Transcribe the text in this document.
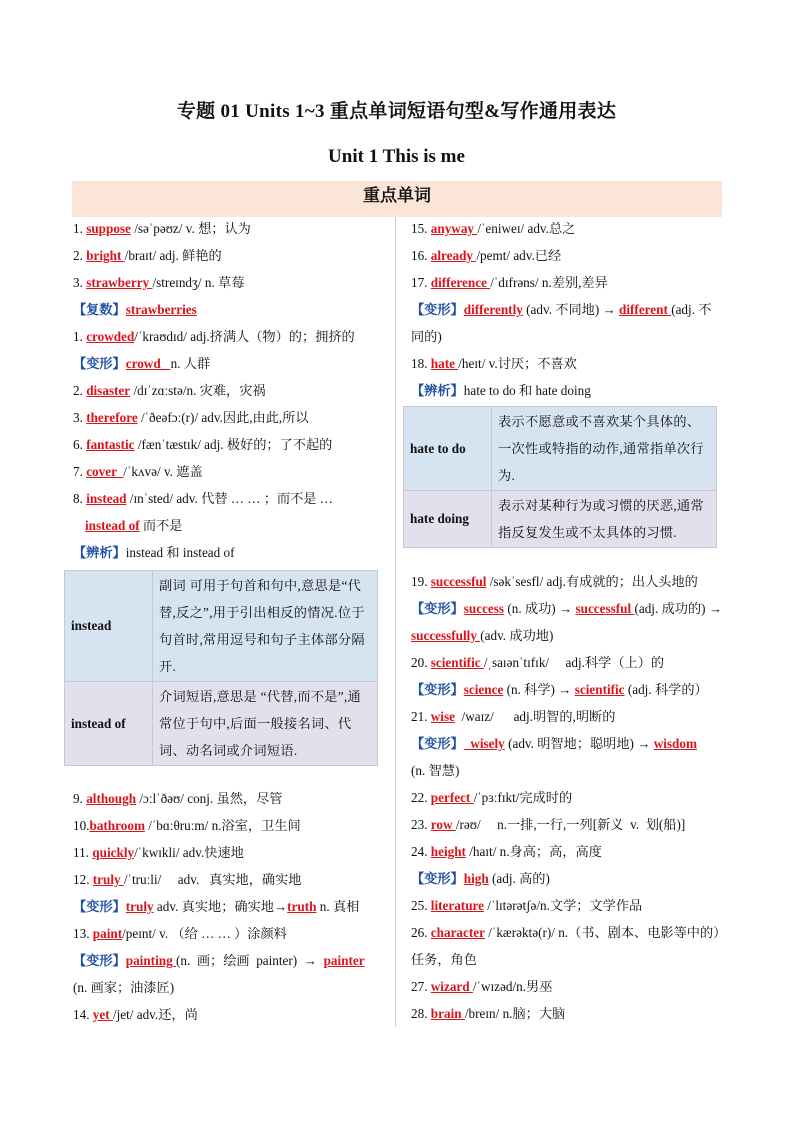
专题 01 Units 1~3 重点单词短语句型&写作通用表达
Unit 1 This is me
重点单词
1. suppose /səˈpəʊz/ v. 想；认为
2. bright /braɪt/ adj. 鲜艳的
3. strawberry /streɪndʒ/ n. 草莓
【复数】strawberries
1. crowded/ˈkraʊdɪd/ adj.挤满人（物）的；拥挤的
【变形】crowd   n. 人群
2. disaster /dɪˈzɑːstə/n. 灾难，灾祸
3. therefore /ˈðeəfɔː(r)/ adv.因此,由此,所以
6. fantastic /fænˈtæstɪk/ adj. 极好的；了不起的
7. cover  /ˈkʌvə/ v. 遮盖
8. instead /ɪnˈsted/ adv. 代替 … … ；而不是 …
instead of 而不是
【辨析】instead 和 instead of
instead	副词 可用于句首和句中,意思是“代替,反之”,用于引出相反的情况.位于句首时,常用逗号和句子主体部分隔开.
instead of	介词短语,意思是 “代替,而不是”,通常位于句中,后面一般接名词、代词、动名词或介词短语.
9. although /ɔːlˈðəʊ/ conj. 虽然，尽管
10.bathroom /ˈbɑːθruːm/ n.浴室，卫生间
11. quickly/ˈkwɪkli/ adv.快速地
12. truly /ˈtruːli/     adv.   真实地，确实地
【变形】truly adv. 真实地；确实地→truth n. 真相
13. paint/peɪnt/ v. （给 … … ）涂颜料
【变形】painting (n.  画；绘画  painter)  →  painter
(n. 画家；油漆匠)
14. yet /jet/ adv.还，尚
15. anyway /ˈeniweɪ/ adv.总之
16. already /pemt/ adv.已经
17. difference /ˈdɪfrəns/ n.差别,差异
【变形】differently (adv. 不同地) → different (adj. 不同的)
18. hate /heɪt/ v.讨厌；不喜欢
【辨析】hate to do 和 hate doing
hate to do	表示不愿意或不喜欢某个具体的、一次性或特指的动作,通常指单次行为.
hate doing	表示对某种行为或习惯的厌恶,通常指反复发生或不太具体的习惯.
19. successful /səkˈsesfl/ adj.有成就的；出人头地的
【变形】success (n. 成功) → successful (adj. 成功的) → successfully (adv. 成功地)
20. scientific /ˌsaɪənˈtɪfɪk/     adj.科学（上）的
【变形】science (n. 科学) → scientific (adj. 科学的）
21. wise  /waɪz/      adj.明智的,明断的
【变形】  wisely (adv. 明智地；聪明地) → wisdom
(n. 智慧)
22. perfect /ˈpɜːfɪkt/完成时的
23. row /rəʊ/     n.一排,一行,一列[新义  v.  划(船)]
24. height /haɪt/ n.身高；高，高度
【变形】high (adj. 高的)
25. literature /ˈlɪtərətʃə/n.文学；文学作品
26. character /ˈkærəktə(r)/ n.（书、剧本、电影等中的）任务，角色
27. wizard /ˈwɪzəd/n.男巫
28. brain /breɪn/ n.脑；大脑
